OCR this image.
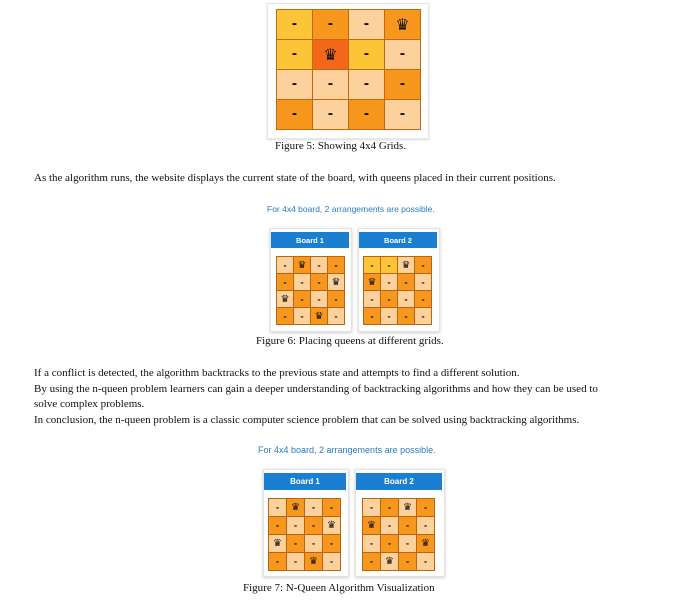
-	-	-	♛
-	♛	-	-
-	-	-	-
-	-	-	-
Figure 5: Showing 4x4 Grids.
As the algorithm runs, the website displays the current state of the board, with queens placed in their current positions.
For 4x4 board, 2 arrangements are possible.
Board 1
-	♛	-	-
-	-	-	♛
♛	-	-	-
-	-	♛	-
Board 2
-	-	♛	-
♛	-	-	-
-	-	-	-
-	-	-	-
Figure 6: Placing queens at different grids.
If a conflict is detected, the algorithm backtracks to the previous state and attempts to find a different solution.
By using the n-queen problem learners can gain a deeper understanding of backtracking algorithms and how they can be used to
solve complex problems.
In conclusion, the n-queen problem is a classic computer science problem that can be solved using backtracking algorithms.
For 4x4 board, 2 arrangements are possible.
Board 1
-	♛	-	-
-	-	-	♛
♛	-	-	-
-	-	♛	-
Board 2
-	-	♛	-
♛	-	-	-
-	-	-	♛
-	♛	-	-
Figure 7: N-Queen Algorithm Visualization
